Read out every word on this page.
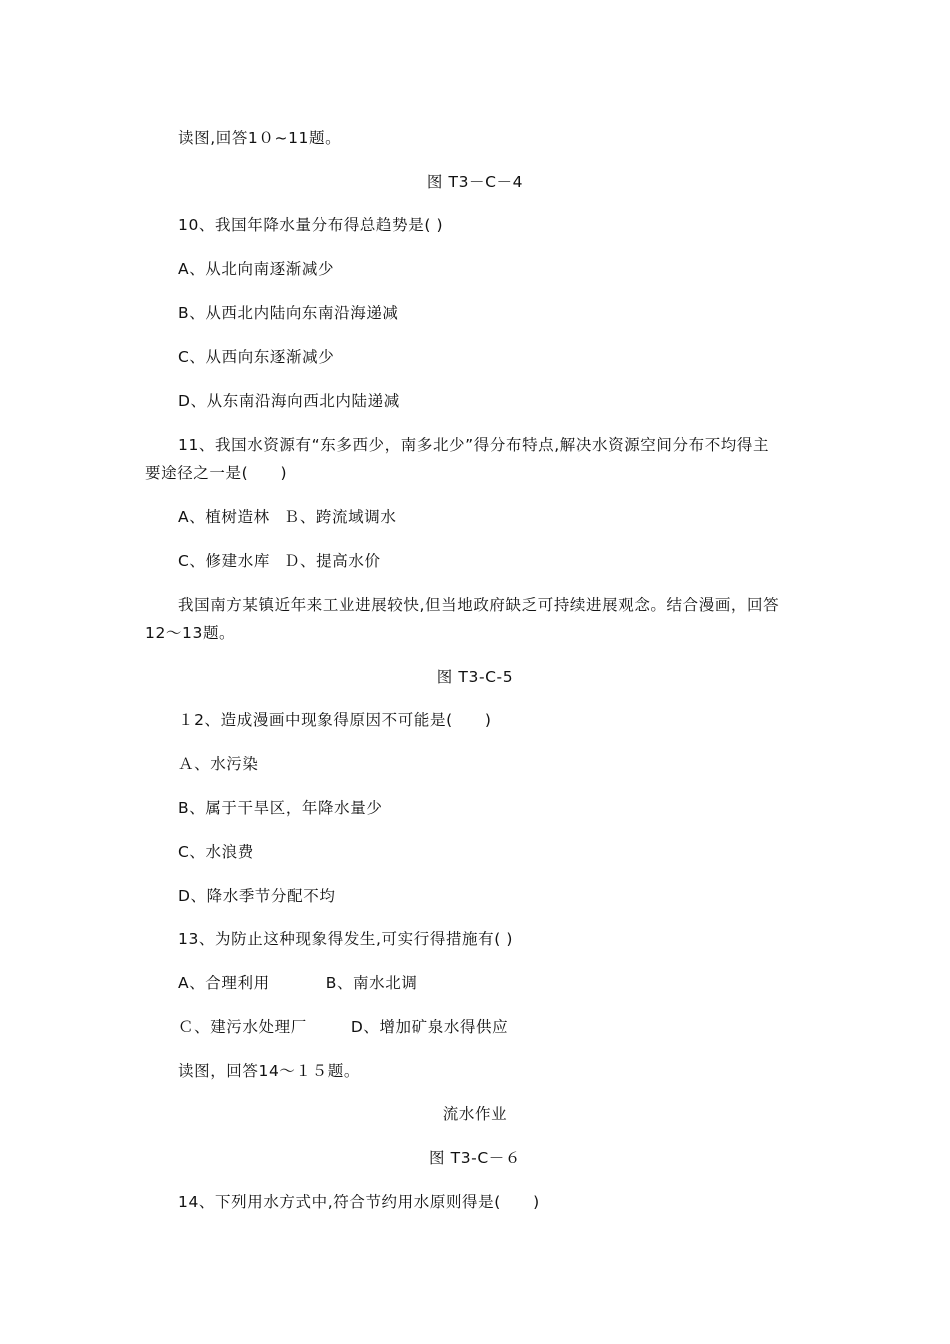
读图,回答1０~11题。
图 T3－C－4
10、我国年降水量分布得总趋势是( )
A、从北向南逐渐减少
B、从西北内陆向东南沿海递减
C、从西向东逐渐减少
D、从东南沿海向西北内陆递减
11、我国水资源有“东多西少，南多北少”得分布特点,解决水资源空间分布不均得主
要途径之一是(　　)
A、植树造林 Ｂ、跨流域调水
C、修建水库 Ｄ、提高水价
我国南方某镇近年来工业进展较快,但当地政府缺乏可持续进展观念。结合漫画，回答
12～13题。
图 T3-C-5
１2、造成漫画中现象得原因不可能是(　　)
Ａ、水污染
B、属于干旱区，年降水量少
C、水浪费
D、降水季节分配不均
13、为防止这种现象得发生,可实行得措施有( )
A、合理利用	B、南水北调
Ｃ、建污水处理厂	D、增加矿泉水得供应
读图，回答14～１５题。
流水作业
图 T3-C－６
14、下列用水方式中,符合节约用水原则得是(　　)
